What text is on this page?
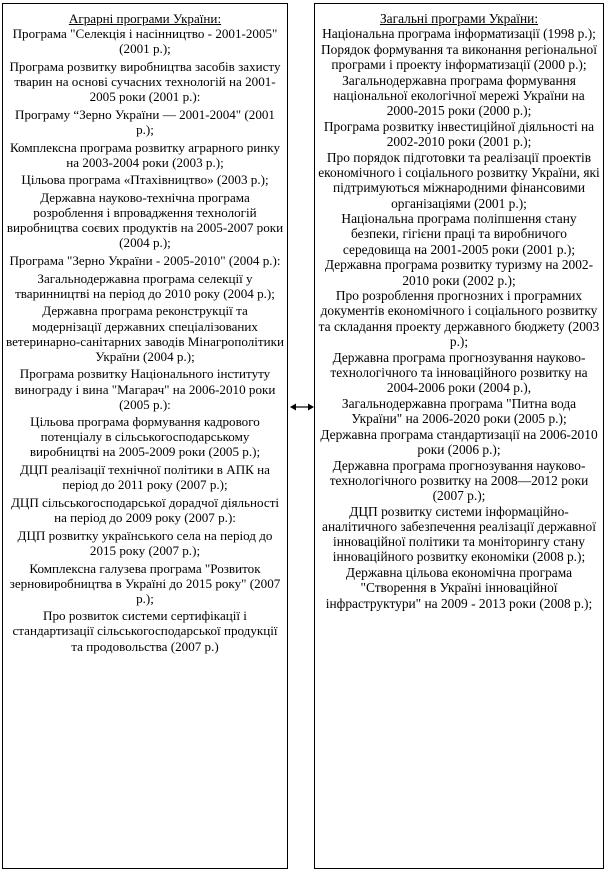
Аграрні програми України:
Програма "Селекція і насінництво - 2001-2005" (2001 р.);
Програма розвитку виробництва засобів захисту тварин на основі сучасних технологій на 2001-2005 роки (2001 р.):
Програму “Зерно України — 2001-2004" (2001 р.);
Комплексна програма розвитку аграрного ринку на 2003-2004 роки (2003 р.);
Цільова програма «Птахівництво» (2003 р.);
Державна науково-технічна програма розроблення і впровадження технологій виробництва соєвих продуктів на 2005-2007 роки (2004 р.);
Програма "Зерно України - 2005-2010" (2004 р.):
Загальнодержавна програма селекції у тваринництві на період до 2010 року (2004 р.);
Державна програма реконструкції та модернізації державних спеціалізованих ветеринарно-санітарних заводів Мінагрополітики України (2004 р.);
Програма розвитку Національного інституту винограду і вина "Магарач" на 2006-2010 роки (2005 р.):
Цільова програма формування кадрового потенціалу в сільськогосподарському виробництві на 2005-2009 роки (2005 р.);
ДЦП реалізації технічної політики в АПК на період до 2011 року (2007 р.);
ДЦП сільськогосподарської дорадчої діяльності на період до 2009 року (2007 р.):
ДЦП розвитку українського села на період до 2015 року (2007 р.);
Комплексна галузева програма "Розвиток зерновиробництва в Україні до 2015 року" (2007 р.);
Про розвиток системи сертифікації і стандартизації сільськогосподарської продукції та продовольства (2007 р.)
Загальні програми України:
Національна програма інформатизації (1998 р.);
Порядок формування та виконання регіональної програми і проекту інформатизації (2000 р.);
Загальнодержавна програма формування національної екологічної мережі України на 2000-2015 роки (2000 р.);
Програма розвитку інвестиційної діяльності на 2002-2010 роки (2001 р.);
Про порядок підготовки та реалізації проектів економічного і соціального розвитку України, які підтримуються міжнародними фінансовими організаціями (2001 р.);
Національна програма поліпшення стану безпеки, гігієни праці та виробничого середовища на 2001-2005 роки (2001 р.);
Державна програма розвитку туризму на 2002-2010 роки (2002 р.);
Про розроблення прогнозних і програмних документів економічного і соціального розвитку та складання проекту державного бюджету (2003 р.);
Державна програма прогнозування науково-технологічного та інноваційного розвитку на 2004-2006 роки (2004 р.),
Загальнодержавна програма "Питна вода України" на 2006-2020 роки (2005 р.);
Державна програма стандартизації на 2006-2010 роки (2006 р.);
Державна програма прогнозування науково-технологічного розвитку на 2008—2012 роки (2007 р.);
ДЦП розвитку системи інформаційно-аналітичного забезпечення реалізації державної інноваційної політики та моніторингу стану інноваційного розвитку економіки (2008 р.);
Державна цільова економічна програма "Створення в Україні інноваційної інфраструктури" на 2009 - 2013 роки (2008 р.);
